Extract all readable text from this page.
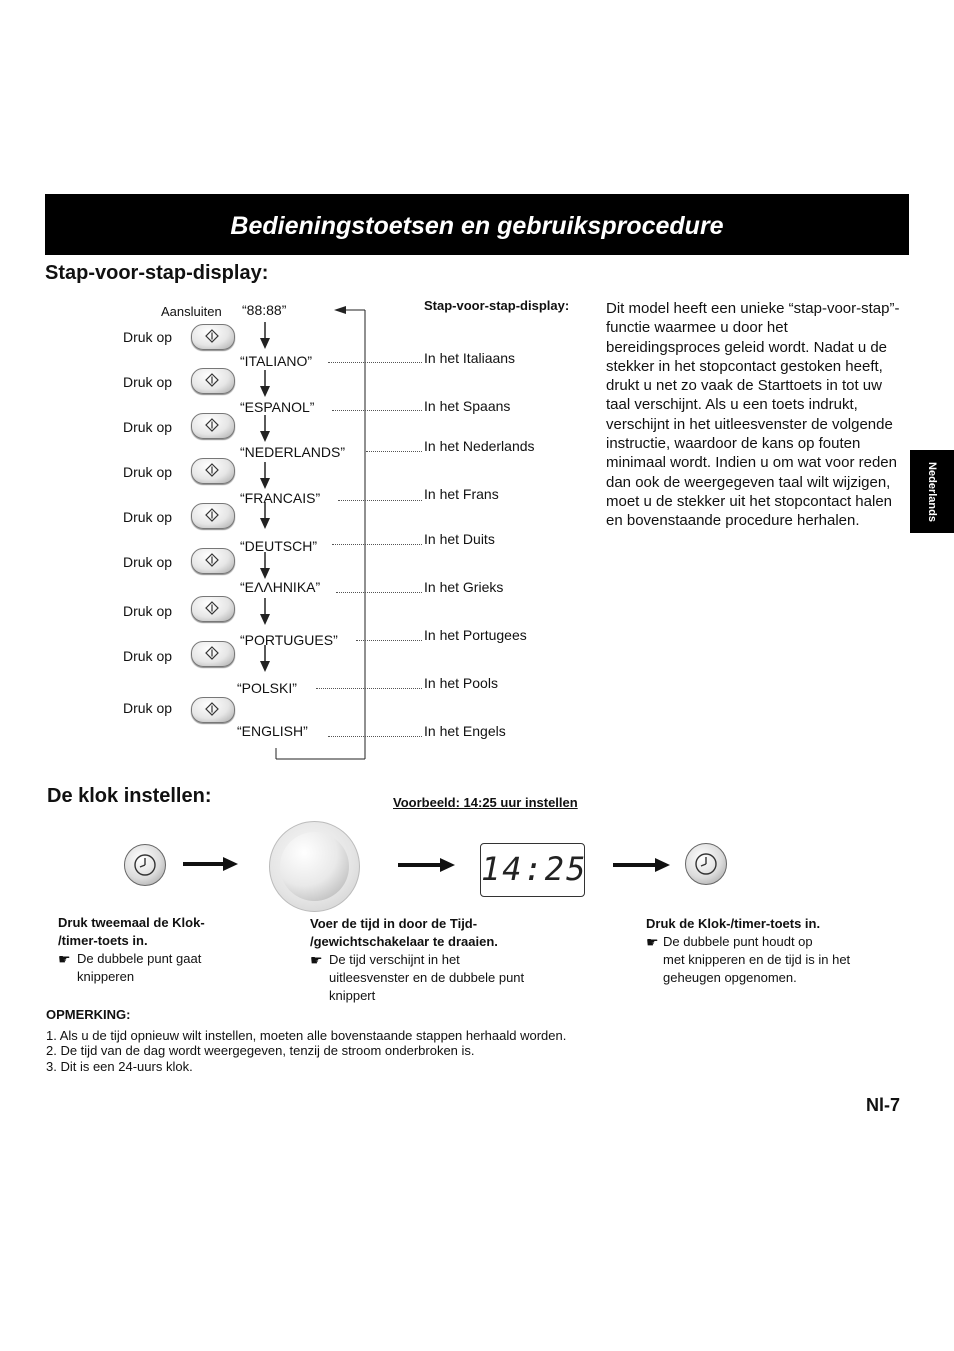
Bedieningstoetsen en gebruiksprocedure
Nederlands
Stap-voor-stap-display:
Aansluiten “88:88”	Stap-voor-stap-display:
Druk op
“ITALIANO”	In het Italiaans
Druk op
“ESPANOL”	In het Spaans
Druk op
“NEDERLANDS”	In het Nederlands
Druk op
“FRANCAIS”	In het Frans
Druk op
“DEUTSCH”	In het Duits
Druk op
“ΕΛΛΗΝΙΚΑ”	In het Grieks
Druk op
“PORTUGUES”	In het Portugees
Druk op
“POLSKI”	In het Pools
Druk op
“ENGLISH”	In het Engels
Dit model heeft een unieke “stap-voor-stap”-functie waarmee u door het bereidingsproces geleid wordt. Nadat u de stekker in het stopcontact gestoken heeft, drukt u net zo vaak de Starttoets in tot uw taal verschijnt. Als u een toets indrukt, verschijnt in het uitleesvenster de volgende instructie, waardoor de kans op fouten minimaal wordt. Indien u om wat voor reden dan ook de weergegeven taal wilt wijzigen, moet u de stekker uit het stopcontact halen en bovenstaande procedure herhalen.
De klok instellen:	Voorbeeld: 14:25 uur instellen
14:25
Druk tweemaal de Klok-
/timer-toets in.
☛ De dubbele punt gaat
knipperen
Voer de tijd in door de Tijd-
/gewichtschakelaar te draaien.
☛ De tijd verschijnt in het
uitleesvenster en de dubbele punt
knippert
Druk de Klok-/timer-toets in.
☛ De dubbele punt houdt op
met knipperen en de tijd is in het
geheugen opgenomen.
OPMERKING:
1. Als u de tijd opnieuw wilt instellen, moeten alle bovenstaande stappen herhaald worden.
2. De tijd van de dag wordt weergegeven, tenzij de stroom onderbroken is.
3. Dit is een 24-uurs klok.
Nl-7
